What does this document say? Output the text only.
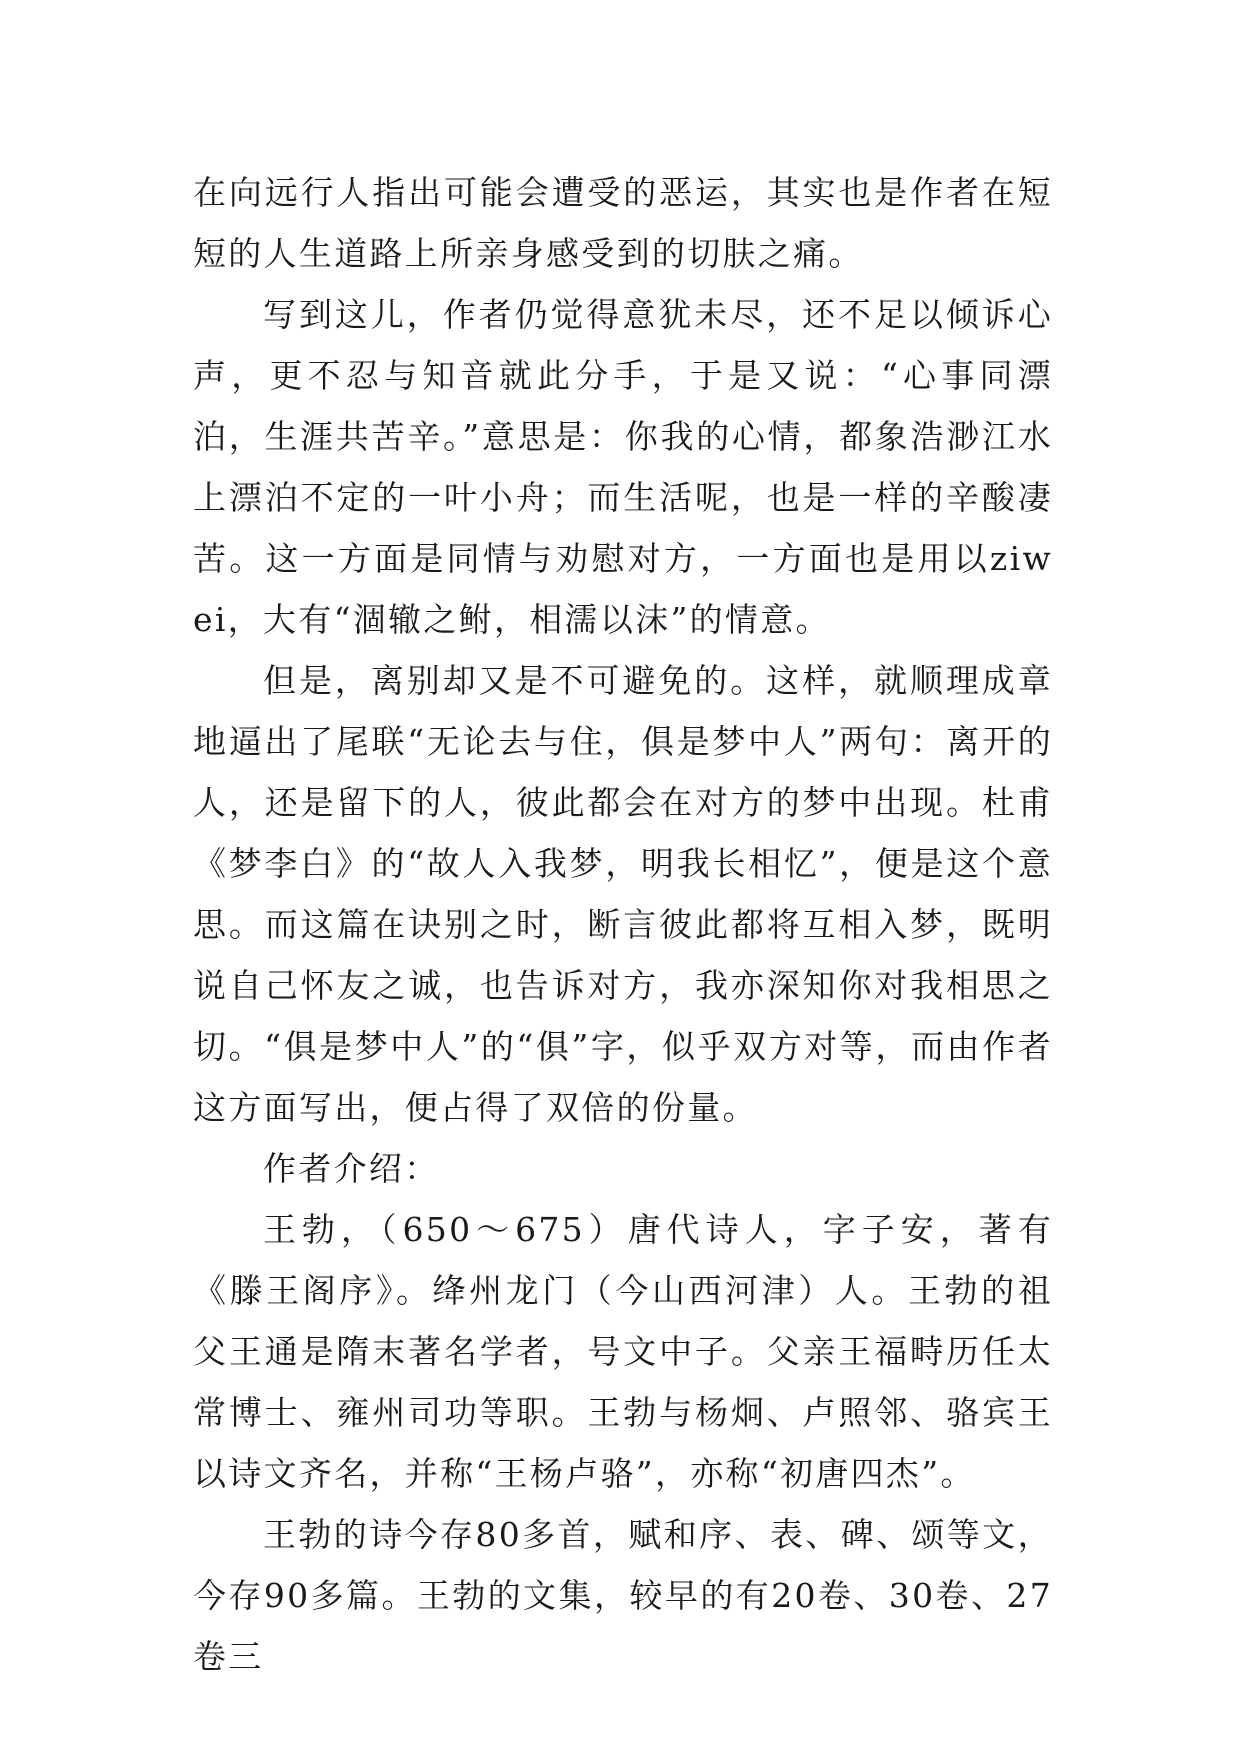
在向远行人指出可能会遭受的恶运，其实也是作者在短短的人生道路上所亲身感受到的切肤之痛。

写到这儿，作者仍觉得意犹未尽，还不足以倾诉心声，更不忍与知音就此分手，于是又说：“心事同漂泊，生涯共苦辛。”意思是：你我的心情，都象浩渺江水上漂泊不定的一叶小舟；而生活呢，也是一样的辛酸凄苦。这一方面是同情与劝慰对方，一方面也是用以ziwei，大有“涸辙之鲋，相濡以沫”的情意。

但是，离别却又是不可避免的。这样，就顺理成章地逼出了尾联“无论去与住，俱是梦中人”两句：离开的人，还是留下的人，彼此都会在对方的梦中出现。杜甫《梦李白》的“故人入我梦，明我长相忆”，便是这个意思。而这篇在诀别之时，断言彼此都将互相入梦，既明说自己怀友之诚，也告诉对方，我亦深知你对我相思之切。“俱是梦中人”的“俱”字，似乎双方对等，而由作者这方面写出，便占得了双倍的份量。

作者介绍：

王勃，（650～675）唐代诗人，字子安，著有《滕王阁序》。绛州龙门（今山西河津）人。王勃的祖父王通是隋末著名学者，号文中子。父亲王福畤历任太常博士、雍州司功等职。王勃与杨炯、卢照邻、骆宾王以诗文齐名，并称“王杨卢骆”，亦称“初唐四杰”。

王勃的诗今存80多首，赋和序、表、碑、颂等文，今存90多篇。王勃的文集，较早的有20卷、30卷、27卷三
